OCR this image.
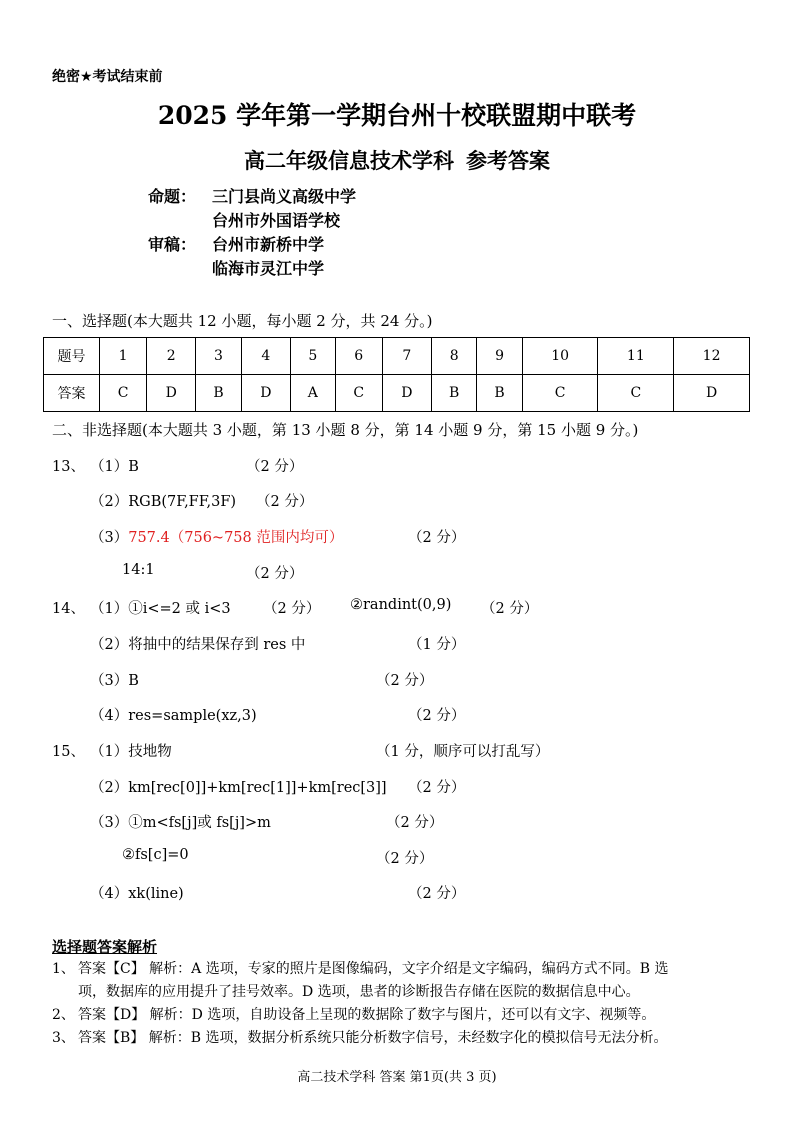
绝密★考试结束前
2025 学年第一学期台州十校联盟期中联考
高二年级信息技术学科 参考答案
命题： 三门县尚义高级中学
台州市外国语学校
审稿： 台州市新桥中学
临海市灵江中学
一、选择题(本大题共 12 小题，每小题 2 分，共 24 分。)
题号	1	2	3	4	5	6	7	8	9	10	11	12
答案	C	D	B	D	A	C	D	B	B	C	C	D
二、非选择题(本大题共 3 小题，第 13 小题 8 分，第 14 小题 9 分，第 15 小题 9 分。)
13、 （1）B	（2 分）
（2）RGB(7F,FF,3F) （2 分）
（3）757.4（756~758 范围内均可）	（2 分）
14:1	（2 分）
14、 （1）①i<=2 或 i<3 （2 分） ②randint(0,9) （2 分）
（2）将抽中的结果保存到 res 中	（1 分）
（3）B	（2 分）
（4）res=sample(xz,3)	（2 分）
15、 （1）技地物	（1 分，顺序可以打乱写）
（2）km[rec[0]]+km[rec[1]]+km[rec[3]] （2 分）
（3）①m<fs[j]或 fs[j]>m	（2 分）
②fs[c]=0	（2 分）
（4）xk(line)	（2 分）
选择题答案解析
1、 答案【C】 解析：A 选项，专家的照片是图像编码，文字介绍是文字编码，编码方式不同。B 选
项，数据库的应用提升了挂号效率。D 选项，患者的诊断报告存储在医院的数据信息中心。
2、 答案【D】 解析：D 选项，自助设备上呈现的数据除了数字与图片，还可以有文字、视频等。
3、 答案【B】 解析：B 选项，数据分析系统只能分析数字信号，未经数字化的模拟信号无法分析。
高二技术学科 答案 第1页(共 3 页)
